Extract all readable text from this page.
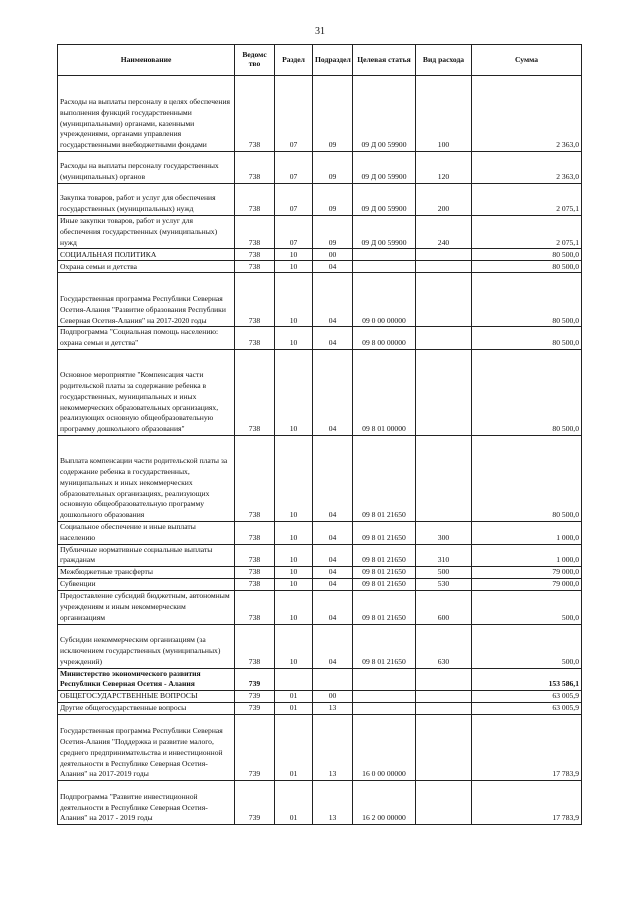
31
Наименование	Ведомс тво	Раздел	Подраздел	Целевая статья	Вид расхода	Сумма
Расходы на выплаты персоналу в целях обеспечения выполнения функций государственными (муниципальными) органами, казенными учреждениями, органами управления государственными внебюджетными фондами	738	07	09	09 Д 00 59900	100	2 363,0
Расходы на выплаты персоналу государственных (муниципальных) органов	738	07	09	09 Д 00 59900	120	2 363,0
Закупка товаров, работ и услуг для обеспечения государственных (муниципальных) нужд	738	07	09	09 Д 00 59900	200	2 075,1
Иные закупки товаров, работ и услуг для обеспечения государственных (муниципальных) нужд	738	07	09	09 Д 00 59900	240	2 075,1
СОЦИАЛЬНАЯ ПОЛИТИКА	738	10	00			80 500,0
Охрана семьи и детства	738	10	04			80 500,0
Государственная программа Республики Северная Осетия-Алания "Развитие образования Республики Северная Осетия-Алания" на 2017-2020 годы	738	10	04	09 0 00 00000		80 500,0
Подпрограмма "Социальная помощь населению: охрана семьи и детства"	738	10	04	09 8 00 00000		80 500,0
Основное мероприятие "Компенсация части родительской платы за содержание ребенка в государственных, муниципальных и иных некоммерческих образовательных организациях, реализующих основную общеобразовательную программу дошкольного образования"	738	10	04	09 8 01 00000		80 500,0
Выплата компенсации части родительской платы за содержание ребенка в государственных, муниципальных и иных некоммерческих образовательных организациях, реализующих основную общеобразовательную программу дошкольного образования	738	10	04	09 8 01 21650		80 500,0
Социальное обеспечение и иные выплаты населению	738	10	04	09 8 01 21650	300	1 000,0
Публичные нормативные социальные выплаты гражданам	738	10	04	09 8 01 21650	310	1 000,0
Межбюджетные трансферты	738	10	04	09 8 01 21650	500	79 000,0
Субвенции	738	10	04	09 8 01 21650	530	79 000,0
Предоставление субсидий бюджетным, автономным учреждениям и иным некоммерческим организациям	738	10	04	09 8 01 21650	600	500,0
Субсидии некоммерческим организациям (за исключением государственных (муниципальных) учреждений)	738	10	04	09 8 01 21650	630	500,0
Министерство экономического развития Республики Северная Осетия - Алания	739					153 586,1
ОБЩЕГОСУДАРСТВЕННЫЕ ВОПРОСЫ	739	01	00			63 005,9
Другие общегосударственные вопросы	739	01	13			63 005,9
Государственная программа Республики Северная Осетия-Алания "Поддержка и развитие малого, среднего предпринимательства и инвестиционной деятельности в Республике Северная Осетия-Алания" на 2017-2019 годы	739	01	13	16 0 00 00000		17 783,9
Подпрограмма "Развитие инвестиционной деятельности в Республике Северная Осетия-Алания" на 2017 - 2019 годы	739	01	13	16 2 00 00000		17 783,9
